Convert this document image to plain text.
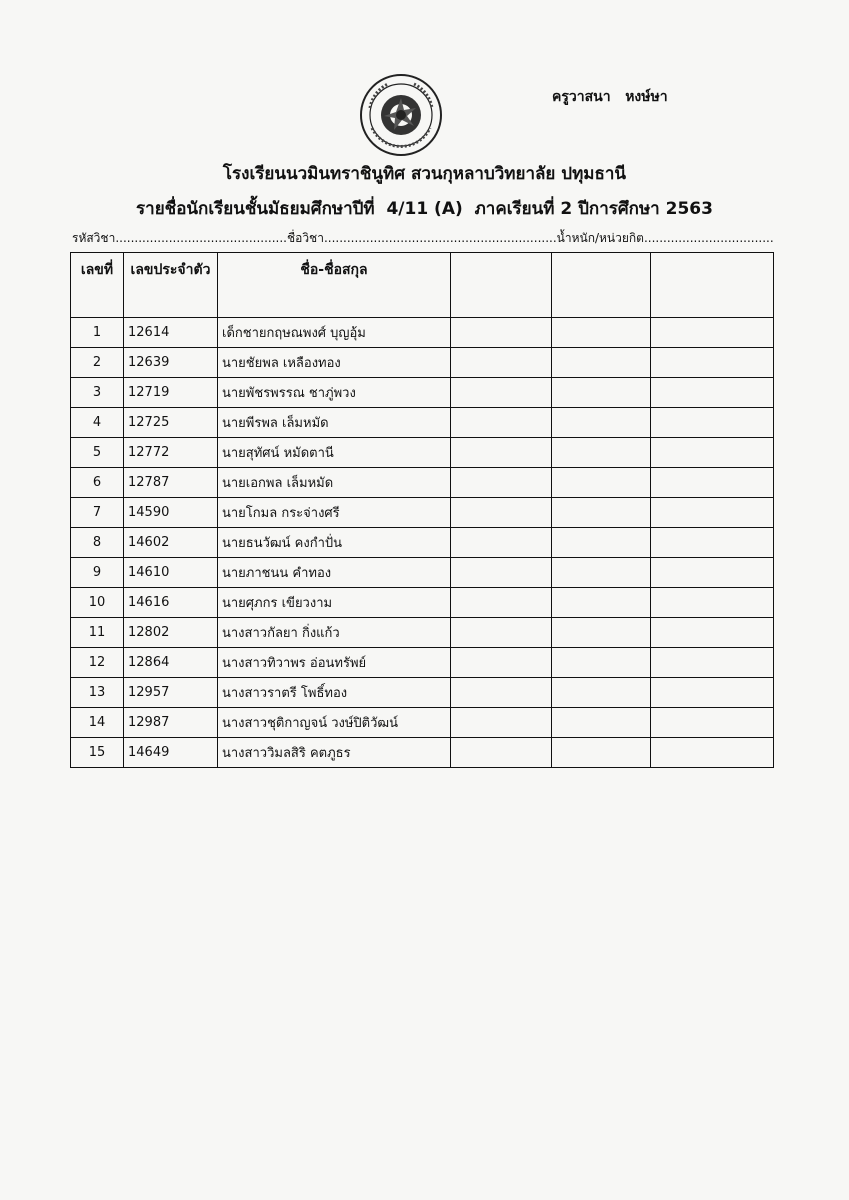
ครูวาสนา   หงษ์ษา
โรงเรียนนวมินทราชินูทิศ สวนกุหลาบวิทยาลัย ปทุมธานี
รายชื่อนักเรียนชั้นมัธยมศึกษาปีที่  4/11 (A)  ภาคเรียนที่ 2 ปีการศึกษา 2563
รหัสวิชา.............................................ชื่อวิชา.............................................................น้ำหนัก/หน่วยกิต..................................
เลขที่	เลขประจำตัว	ชื่อ-ชื่อสกุล			
1	12614	เด็กชายกฤษณพงศ์ บุญอุ้ม			
2	12639	นายชัยพล เหลืองทอง			
3	12719	นายพัชรพรรณ ชาภู่พวง			
4	12725	นายพีรพล เล็มหมัด			
5	12772	นายสุทัศน์ หมัดตานี			
6	12787	นายเอกพล เล็มหมัด			
7	14590	นายโกมล กระจ่างศรี			
8	14602	นายธนวัฒน์ คงกำปั่น			
9	14610	นายภาชนน คำทอง			
10	14616	นายศุภกร เขียวงาม			
11	12802	นางสาวกัลยา กิ่งแก้ว			
12	12864	นางสาวทิวาพร อ่อนทรัพย์			
13	12957	นางสาวราตรี โพธิ์ทอง			
14	12987	นางสาวชุติกาญจน์ วงษ์ปิติวัฒน์			
15	14649	นางสาววิมลสิริ คตภูธร			
